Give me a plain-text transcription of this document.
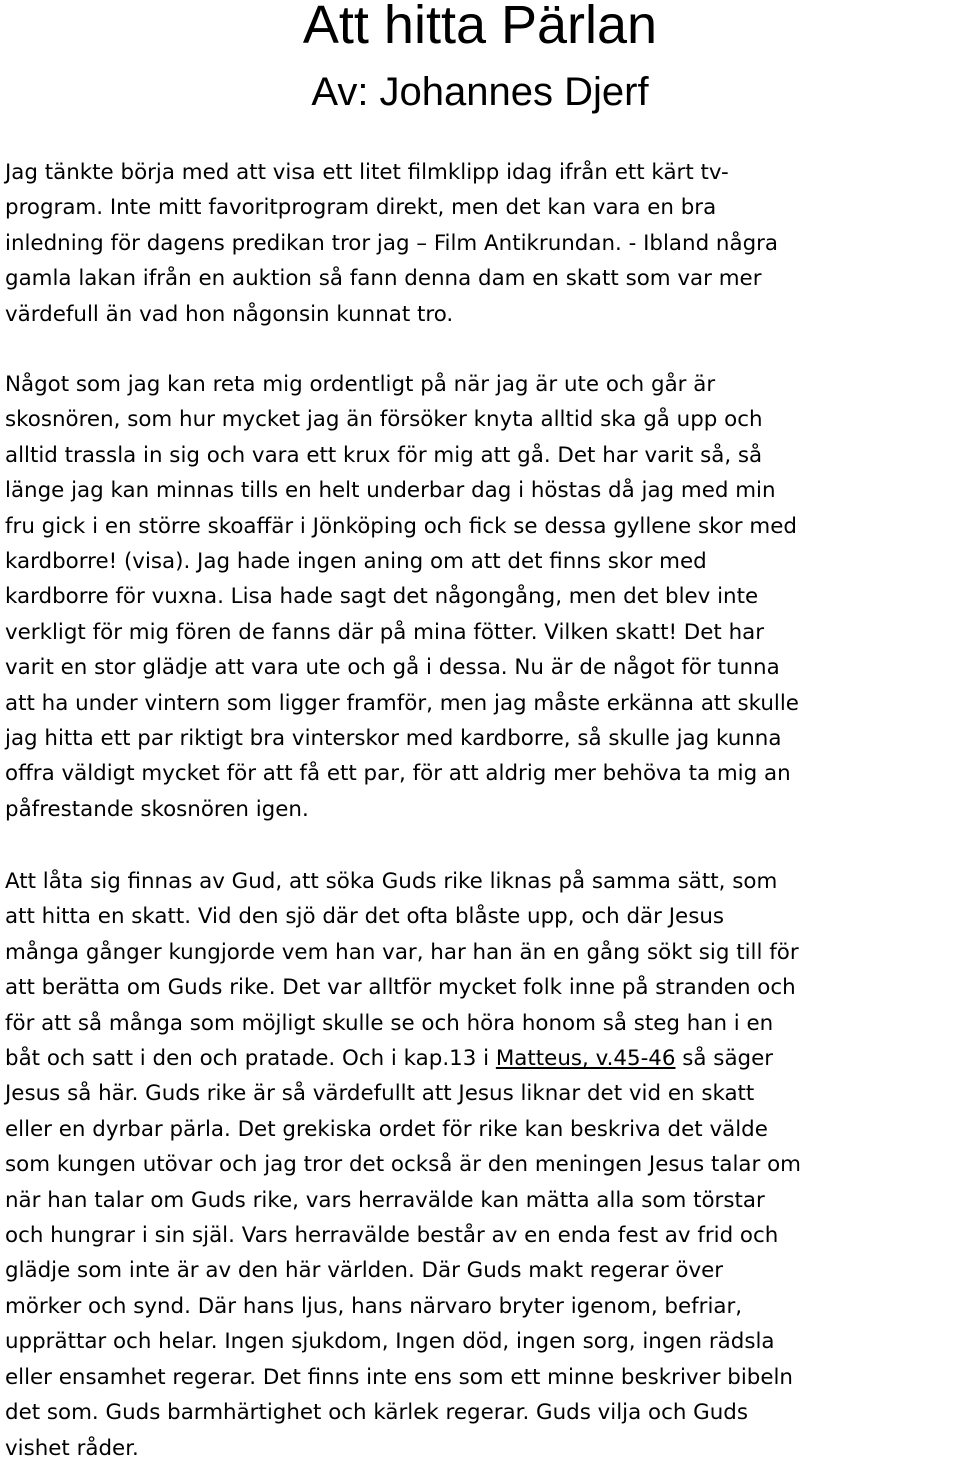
Att hitta Pärlan
Av: Johannes Djerf
Jag tänkte börja med att visa ett litet filmklipp idag ifrån ett kärt tv-
program. Inte mitt favoritprogram direkt, men det kan vara en bra
inledning för dagens predikan tror jag – Film Antikrundan. - Ibland några
gamla lakan ifrån en auktion så fann denna dam en skatt som var mer
värdefull än vad hon någonsin kunnat tro.
Något som jag kan reta mig ordentligt på när jag är ute och går är
skosnören, som hur mycket jag än försöker knyta alltid ska gå upp och
alltid trassla in sig och vara ett krux för mig att gå. Det har varit så, så
länge jag kan minnas tills en helt underbar dag i höstas då jag med min
fru gick i en större skoaffär i Jönköping och fick se dessa gyllene skor med
kardborre! (visa). Jag hade ingen aning om att det finns skor med
kardborre för vuxna. Lisa hade sagt det någongång, men det blev inte
verkligt för mig fören de fanns där på mina fötter. Vilken skatt! Det har
varit en stor glädje att vara ute och gå i dessa. Nu är de något för tunna
att ha under vintern som ligger framför, men jag måste erkänna att skulle
jag hitta ett par riktigt bra vinterskor med kardborre, så skulle jag kunna
offra väldigt mycket för att få ett par, för att aldrig mer behöva ta mig an
påfrestande skosnören igen.
Att låta sig finnas av Gud, att söka Guds rike liknas på samma sätt, som
att hitta en skatt. Vid den sjö där det ofta blåste upp, och där Jesus
många gånger kungjorde vem han var, har han än en gång sökt sig till för
att berätta om Guds rike. Det var alltför mycket folk inne på stranden och
för att så många som möjligt skulle se och höra honom så steg han i en
båt och satt i den och pratade. Och i kap.13 i Matteus, v.45-46 så säger
Jesus så här. Guds rike är så värdefullt att Jesus liknar det vid en skatt
eller en dyrbar pärla. Det grekiska ordet för rike kan beskriva det välde
som kungen utövar och jag tror det också är den meningen Jesus talar om
när han talar om Guds rike, vars herravälde kan mätta alla som törstar
och hungrar i sin själ. Vars herravälde består av en enda fest av frid och
glädje som inte är av den här världen. Där Guds makt regerar över
mörker och synd. Där hans ljus, hans närvaro bryter igenom, befriar,
upprättar och helar. Ingen sjukdom, Ingen död, ingen sorg, ingen rädsla
eller ensamhet regerar. Det finns inte ens som ett minne beskriver bibeln
det som. Guds barmhärtighet och kärlek regerar. Guds vilja och Guds
vishet råder.
